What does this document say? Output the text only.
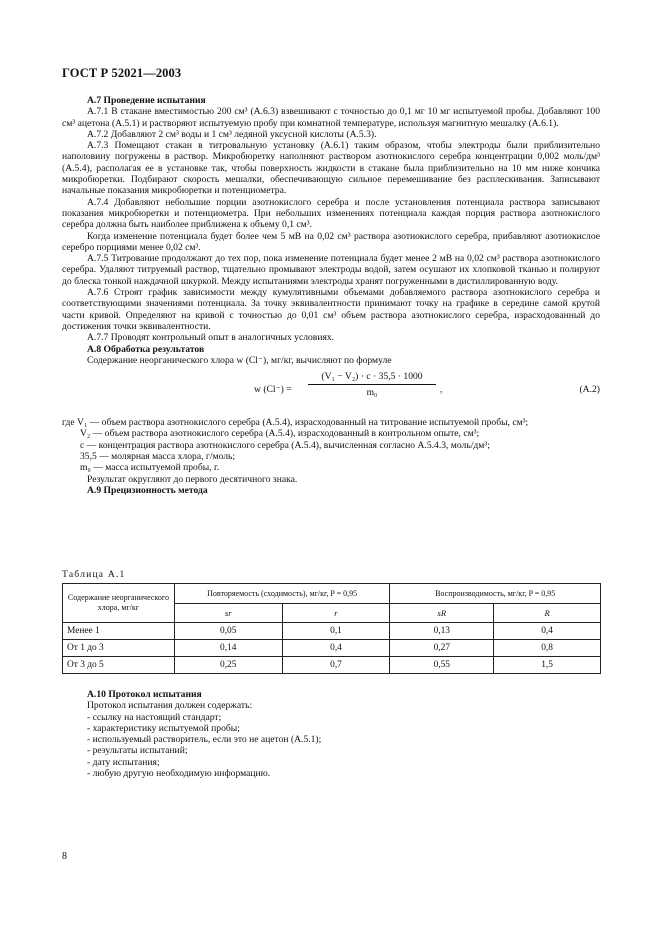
ГОСТ Р 52021—2003

А.7 Проведение испытания

А.7.1 В стакане вместимостью 200 см³ (А.6.3) взвешивают с точностью до 0,1 мг 10 мг испытуемой пробы. Добавляют 100 см³ ацетона (А.5.1) и растворяют испытуемую пробу при комнатной температуре, используя магнитную мешалку (А.6.1).

А.7.2 Добавляют 2 см³ воды и 1 см³ ледяной уксусной кислоты (А.5.3).

А.7.3 Помещают стакан в титровальную установку (А.6.1) таким образом, чтобы электроды были приблизительно наполовину погружены в раствор. Микробюретку наполняют раствором азотнокислого серебра концентрации 0,002 моль/дм³ (А.5.4), располагая ее в установке так, чтобы поверхность жидкости в стакане была приблизительно на 10 мм ниже кончика микробюретки. Подбирают скорость мешалки, обеспечивающую сильное перемешивание без расплескивания. Записывают начальные показания микробюретки и потенциометра.

А.7.4 Добавляют небольшие порции азотнокислого серебра и после установления потенциала раствора записывают показания микробюретки и потенциометра. При небольших изменениях потенциала каждая порция раствора азотнокислого серебра должна быть наиболее приближена к объему 0,1 см³.

Когда изменение потенциала будет более чем 5 мВ на 0,02 см³ раствора азотнокислого серебра, прибавляют азотнокислое серебро порциями менее 0,02 см³.

А.7.5 Титрование продолжают до тех пор, пока изменение потенциала будет менее 2 мВ на 0,02 см³ раствора азотнокислого серебра. Удаляют титруемый раствор, тщательно промывают электроды водой, затем осушают их хлопковой тканью и полируют до блеска тонкой наждачной шкуркой. Между испытаниями электроды хранят погруженными в дистиллированную воду.

А.7.6 Строят график зависимости между кумулятивными объемами добавляемого раствора азотнокислого серебра и соответствующими значениями потенциала. За точку эквивалентности принимают точку на графике в середине самой крутой части кривой. Определяют на кривой с точностью до 0,01 см³ объем раствора азотнокислого серебра, израсходованный до достижения точки эквивалентности.

А.7.7 Проводят контрольный опыт в аналогичных условиях.

А.8 Обработка результатов

Содержание неорганического хлора w (Cl⁻), мг/кг, вычисляют по формуле

w $(Cl^-) = \frac{\text{(V₁ − V₂) · c · 35,5 · 1000}}{\text{m₀}}$ ,	(А.2)
где V₁ — объем раствора азотнокислого серебра (А.5.4), израсходованный на титрование испытуемой пробы, см³;
V₂ — объем раствора азотнокислого серебра (А.5.4), израсходованный в контрольном опыте, см³;
с — концентрация раствора азотнокислого серебра (А.5.4), вычисленная согласно А.5.4.3, моль/дм³;
35,5 — молярная масса хлора, г/моль;
m₀ — масса испытуемой пробы, г.

Результат округляют до первого десятичного знака.

А.9 Прецизионность метода

Таблица А.1
Содержание неорганического хлора, мг/кг	Повторяемость (сходимость), мг/кг, P = 0,95		Воспроизводимость, мг/кг, P = 0,95	
	sr	r	sR	R
Менее 1	0,05	0,1	0,13	0,4
От 1 до 3	0,14	0,4	0,27	0,8
От 3 до 5	0,25	0,7	0,55	1,5

А.10 Протокол испытания

Протокол испытания должен содержать:

- ссылку на настоящий стандарт;
- характеристику испытуемой пробы;
- используемый растворитель, если это не ацетон (А.5.1);
- результаты испытаний;
- дату испытания;
- любую другую необходимую информацию.
8
